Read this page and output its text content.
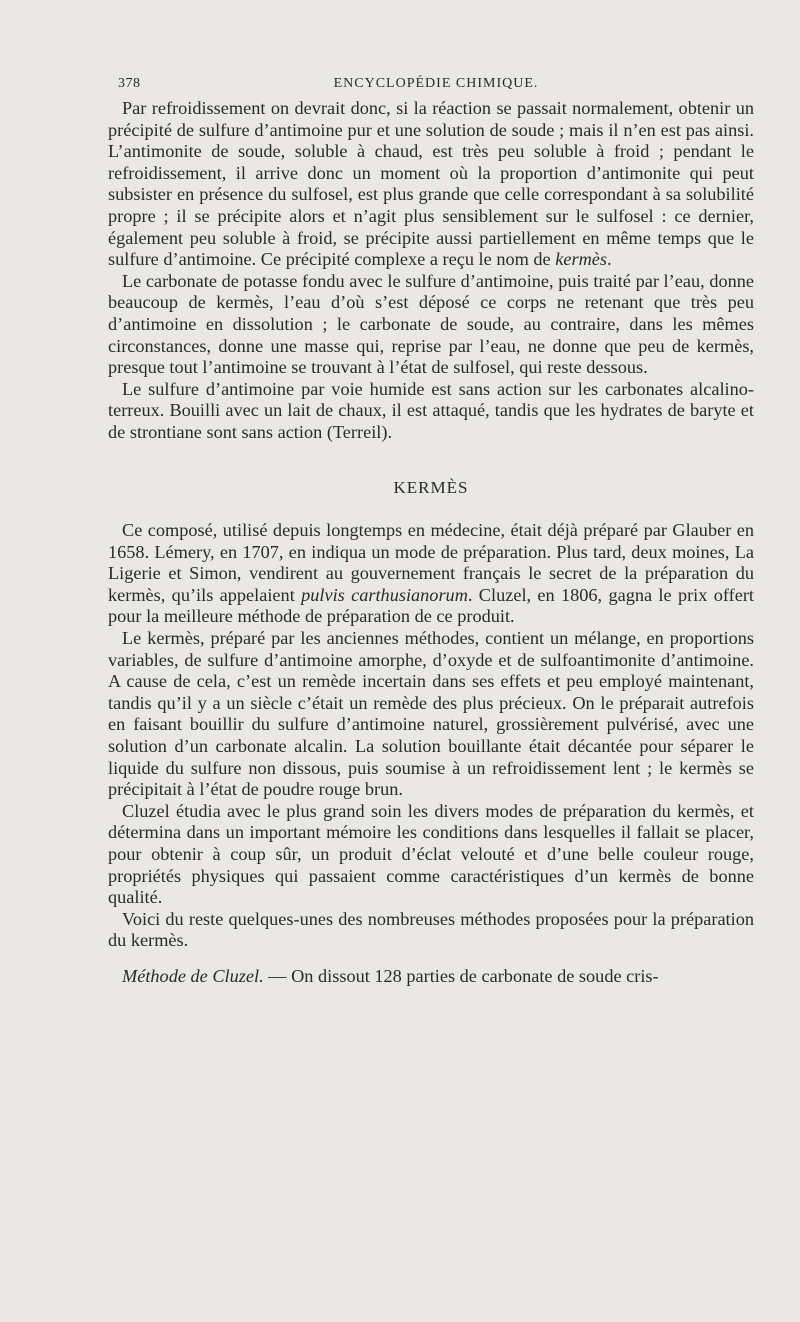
378	ENCYCLOPÉDIE CHIMIQUE.

Par refroidissement on devrait donc, si la réaction se passait normalement, obtenir un précipité de sulfure d’antimoine pur et une solution de soude ; mais il n’en est pas ainsi. L’antimonite de soude, soluble à chaud, est très peu soluble à froid ; pendant le refroidissement, il arrive donc un moment où la proportion d’antimonite qui peut subsister en présence du sulfosel, est plus grande que celle correspondant à sa solubilité propre ; il se précipite alors et n’agit plus sensiblement sur le sulfosel : ce dernier, également peu soluble à froid, se précipite aussi partiellement en même temps que le sulfure d’antimoine. Ce précipité complexe a reçu le nom de kermès.

Le carbonate de potasse fondu avec le sulfure d’antimoine, puis traité par l’eau, donne beaucoup de kermès, l’eau d’où s’est déposé ce corps ne retenant que très peu d’antimoine en dissolution ; le carbonate de soude, au contraire, dans les mêmes circonstances, donne une masse qui, reprise par l’eau, ne donne que peu de kermès, presque tout l’antimoine se trouvant à l’état de sulfosel, qui reste dessous.

Le sulfure d’antimoine par voie humide est sans action sur les carbonates alcalino-terreux. Bouilli avec un lait de chaux, il est attaqué, tandis que les hydrates de baryte et de strontiane sont sans action (Terreil).

KERMÈS

Ce composé, utilisé depuis longtemps en médecine, était déjà préparé par Glauber en 1658. Lémery, en 1707, en indiqua un mode de préparation. Plus tard, deux moines, La Ligerie et Simon, vendirent au gouvernement français le secret de la préparation du kermès, qu’ils appelaient pulvis carthusianorum. Cluzel, en 1806, gagna le prix offert pour la meilleure méthode de préparation de ce produit.

Le kermès, préparé par les anciennes méthodes, contient un mélange, en proportions variables, de sulfure d’antimoine amorphe, d’oxyde et de sulfoantimonite d’antimoine. A cause de cela, c’est un remède incertain dans ses effets et peu employé maintenant, tandis qu’il y a un siècle c’était un remède des plus précieux. On le préparait autrefois en faisant bouillir du sulfure d’antimoine naturel, grossièrement pulvérisé, avec une solution d’un carbonate alcalin. La solution bouillante était décantée pour séparer le liquide du sulfure non dissous, puis soumise à un refroidissement lent ; le kermès se précipitait à l’état de poudre rouge brun.

Cluzel étudia avec le plus grand soin les divers modes de préparation du kermès, et détermina dans un important mémoire les conditions dans lesquelles il fallait se placer, pour obtenir à coup sûr, un produit d’éclat velouté et d’une belle couleur rouge, propriétés physiques qui passaient comme caractéristiques d’un kermès de bonne qualité.

Voici du reste quelques-unes des nombreuses méthodes proposées pour la préparation du kermès.

Méthode de Cluzel. — On dissout 128 parties de carbonate de soude cris-
